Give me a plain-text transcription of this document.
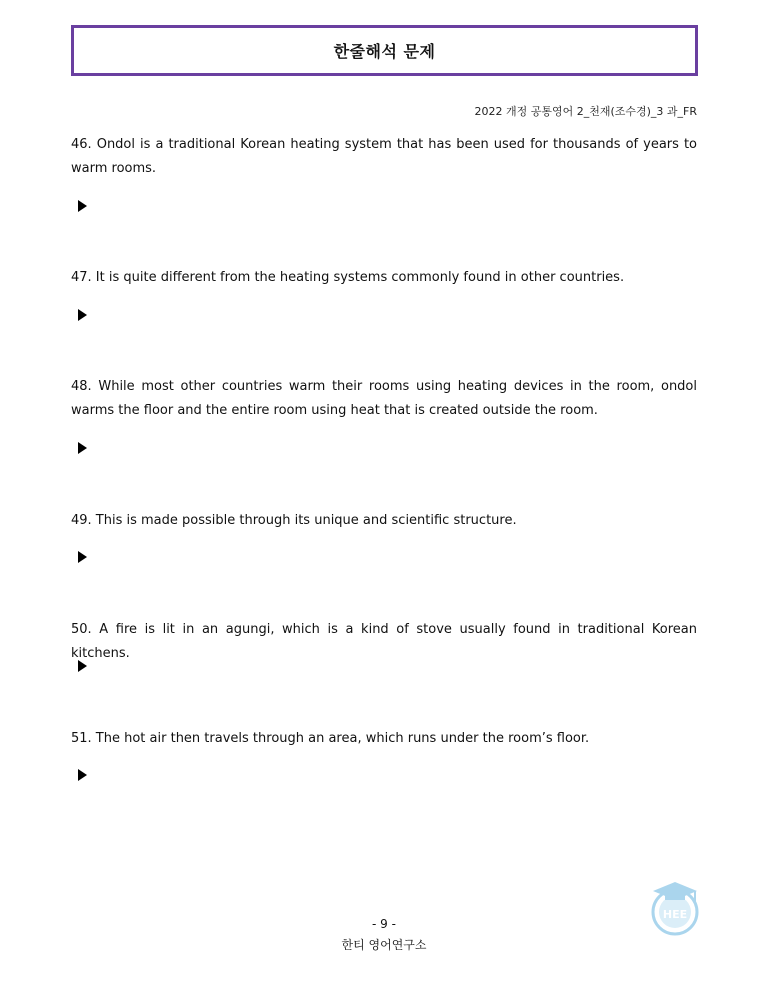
한줄해석 문제
2022 개정 공통영어 2_천재(조수경)_3 과_FR
46. Ondol is a traditional Korean heating system that has been used for thousands of years to warm rooms.
47. It is quite different from the heating systems commonly found in other countries.
48. While most other countries warm their rooms using heating devices in the room, ondol warms the floor and the entire room using heat that is created outside the room.
49. This is made possible through its unique and scientific structure.
50. A fire is lit in an agungi, which is a kind of stove usually found in traditional Korean kitchens.
51. The hot air then travels through an area, which runs under the room’s floor.
- 9 -
한티 영어연구소
HEE
